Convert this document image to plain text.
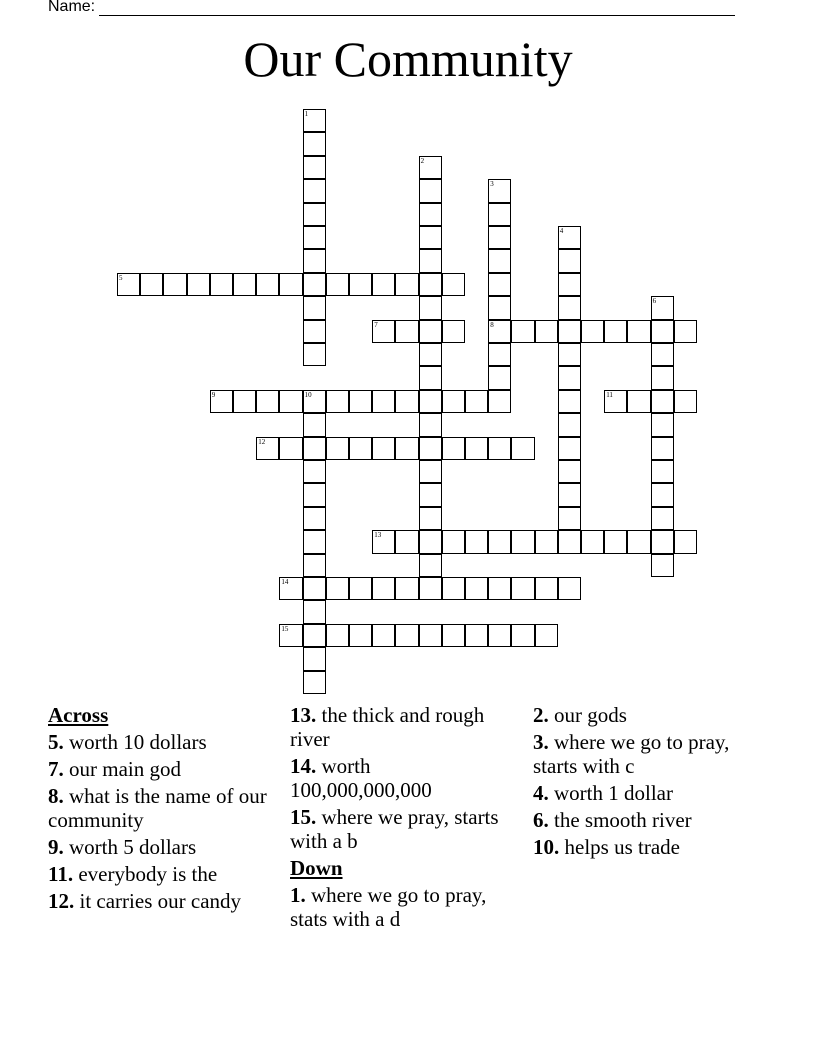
Name:
Our Community
1
2
3
8
4
5
6
7
9	10	11
12
13
14
15
Across
5. worth 10 dollars
7. our main god
8. what is the name of our community
9. worth 5 dollars
11. everybody is the
12. it carries our candy
13. the thick and rough river
14. worth 100,000,000,000
15. where we pray, starts with a b
Down
1. where we go to pray, stats with a d
2. our gods
3. where we go to pray, starts with c
4. worth 1 dollar
6. the smooth river
10. helps us trade
